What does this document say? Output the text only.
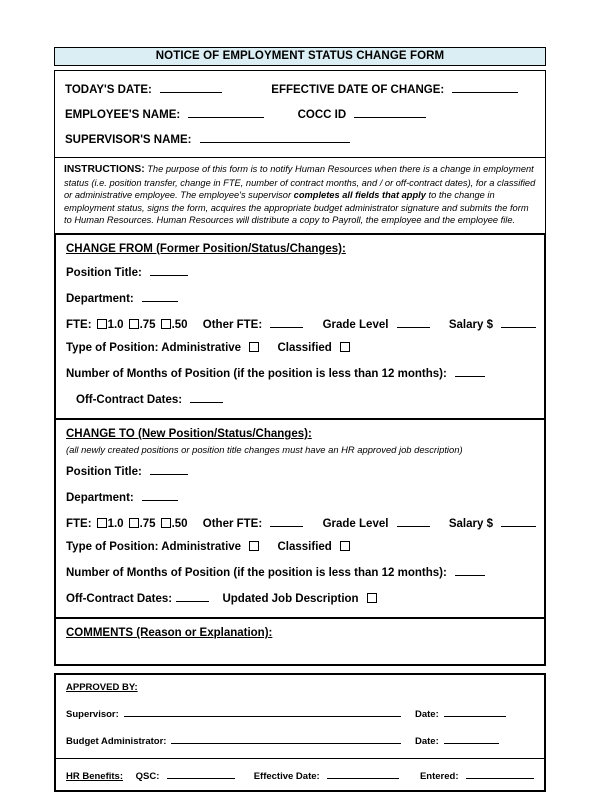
NOTICE OF EMPLOYMENT STATUS CHANGE FORM
TODAY'S DATE:	EFFECTIVE DATE OF CHANGE:
EMPLOYEE'S NAME:	COCC ID
SUPERVISOR'S NAME:
INSTRUCTIONS: The purpose of this form is to notify Human Resources when there is a change in employment status (i.e. position transfer, change in FTE, number of contract months, and / or off-contract dates), for a classified or administrative employee. The employee's supervisor completes all fields that apply to the change in employment status, signs the form, acquires the appropriate budget administrator signature and submits the form to Human Resources. Human Resources will distribute a copy to Payroll, the employee and the employee file.
CHANGE FROM (Former Position/Status/Changes):
Position Title:
Department:
FTE: 1.0 .75 .50 Other FTE:	Grade Level	Salary $
Type of Position: Administrative	Classified
Number of Months of Position (if the position is less than 12 months):
Off-Contract Dates:
CHANGE TO (New Position/Status/Changes):
(all newly created positions or position title changes must have an HR approved job description)
Position Title:
Department:
FTE: 1.0 .75 .50 Other FTE:	Grade Level	Salary $
Type of Position: Administrative	Classified
Number of Months of Position (if the position is less than 12 months):
Off-Contract Dates:	Updated Job Description
COMMENTS (Reason or Explanation):
APPROVED BY:
Supervisor:	Date:
Budget Administrator:	Date:
HR Benefits: QSC:	Effective Date:	Entered:
